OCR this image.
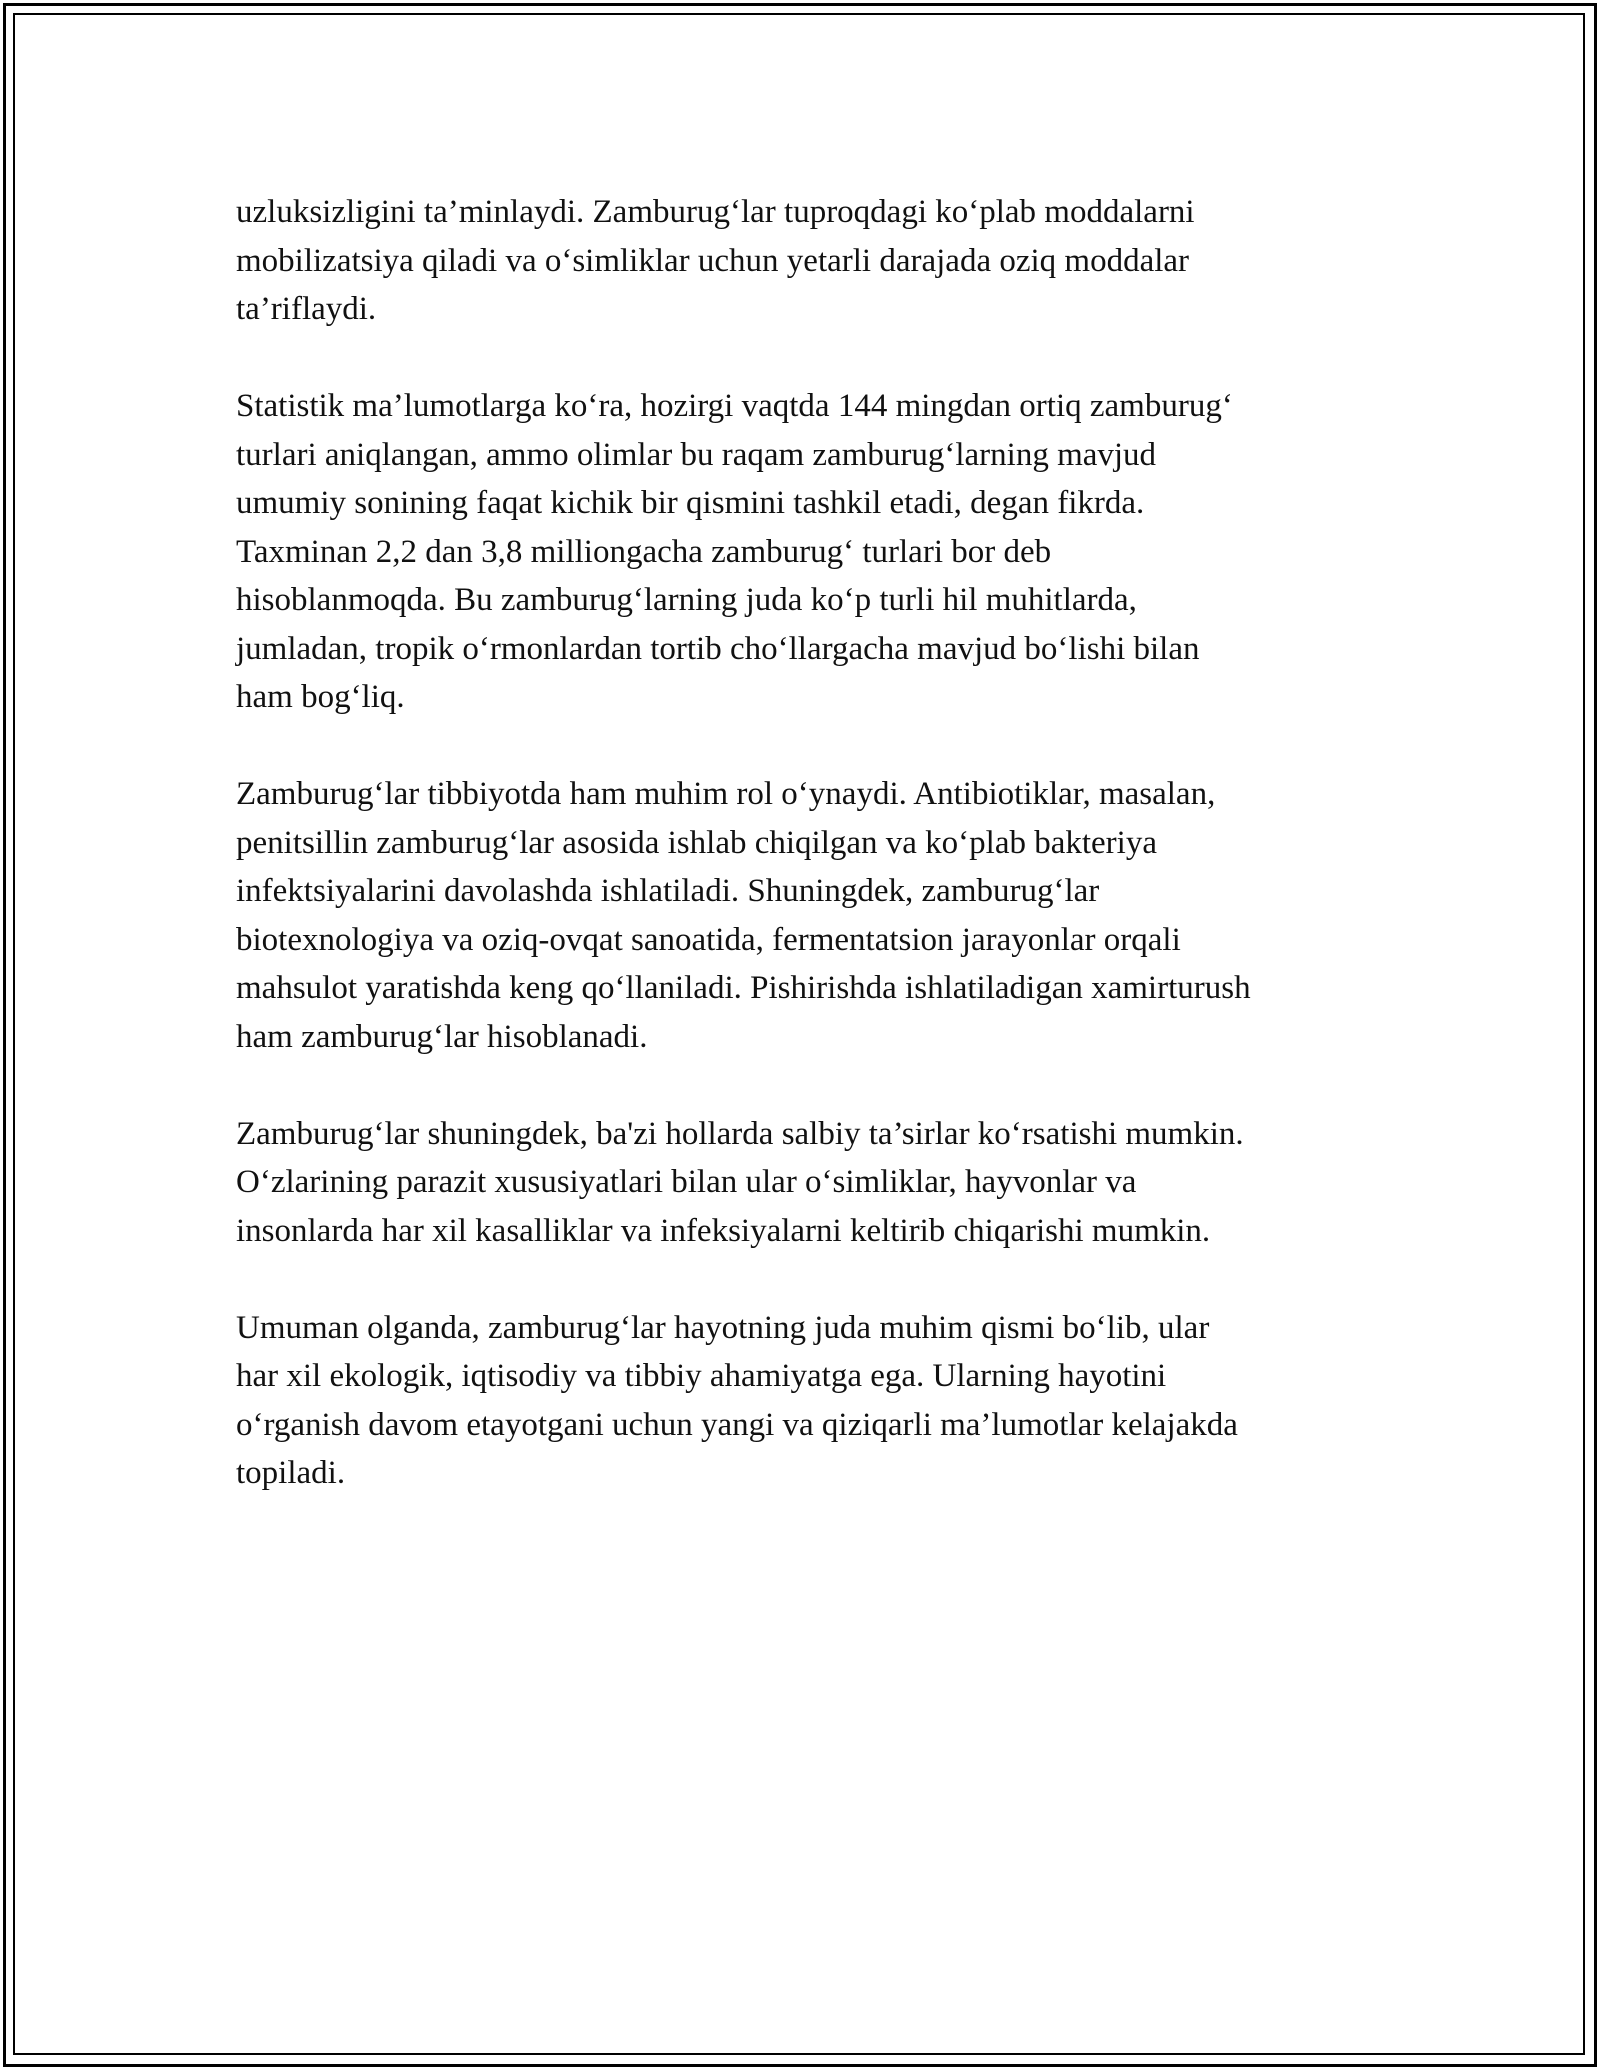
uzluksizligini ta’minlaydi. Zamburug‘lar tuproqdagi ko‘plab moddalarni
mobilizatsiya qiladi va o‘simliklar uchun yetarli darajada oziq moddalar
ta’riflaydi.

Statistik ma’lumotlarga ko‘ra, hozirgi vaqtda 144 mingdan ortiq zamburug‘
turlari aniqlangan, ammo olimlar bu raqam zamburug‘larning mavjud
umumiy sonining faqat kichik bir qismini tashkil etadi, degan fikrda.
Taxminan 2,2 dan 3,8 milliongacha zamburug‘ turlari bor deb
hisoblanmoqda. Bu zamburug‘larning juda ko‘p turli hil muhitlarda,
jumladan, tropik o‘rmonlardan tortib cho‘llargacha mavjud bo‘lishi bilan
ham bog‘liq.

Zamburug‘lar tibbiyotda ham muhim rol o‘ynaydi. Antibiotiklar, masalan,
penitsillin zamburug‘lar asosida ishlab chiqilgan va ko‘plab bakteriya
infektsiyalarini davolashda ishlatiladi. Shuningdek, zamburug‘lar
biotexnologiya va oziq-ovqat sanoatida, fermentatsion jarayonlar orqali
mahsulot yaratishda keng qo‘llaniladi. Pishirishda ishlatiladigan xamirturush
ham zamburug‘lar hisoblanadi.

Zamburug‘lar shuningdek, ba'zi hollarda salbiy ta’sirlar ko‘rsatishi mumkin.
O‘zlarining parazit xususiyatlari bilan ular o‘simliklar, hayvonlar va
insonlarda har xil kasalliklar va infeksiyalarni keltirib chiqarishi mumkin.

Umuman olganda, zamburug‘lar hayotning juda muhim qismi bo‘lib, ular
har xil ekologik, iqtisodiy va tibbiy ahamiyatga ega. Ularning hayotini
o‘rganish davom etayotgani uchun yangi va qiziqarli ma’lumotlar kelajakda
topiladi.
